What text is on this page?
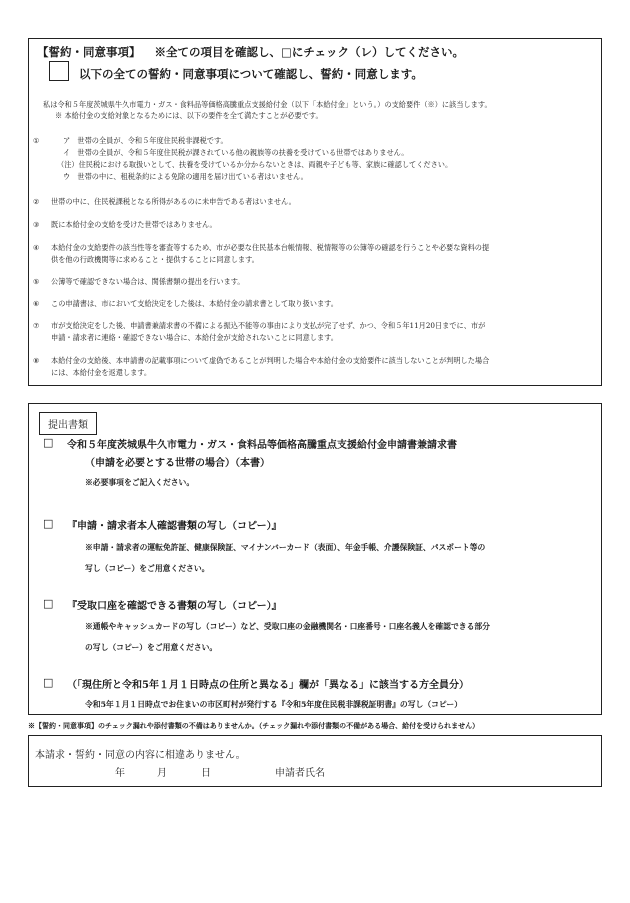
【誓約・同意事項】 ※全ての項目を確認し、□にチェック（レ）してください。
以下の全ての誓約・同意事項について確認し、誓約・同意します。
私は令和５年度茨城県牛久市電力・ガス・食料品等価格高騰重点支援給付金（以下「本給付金」という。）の支給要件（※）に該当します。
※ 本給付金の支給対象となるためには、以下の要件を全て満たすことが必要です。
①	ア　世帯の全員が、令和５年度住民税非課税です。
イ　世帯の全員が、令和５年度住民税が課されている他の親族等の扶養を受けている世帯ではありません。
（注）住民税における取扱いとして、扶養を受けているか分からないときは、両親や子ども等、家族に確認してください。
ウ　世帯の中に、租税条約による免除の適用を届け出ている者はいません。
② 世帯の中に、住民税課税となる所得があるのに未申告である者はいません。
③ 既に本給付金の支給を受けた世帯ではありません。
④ 本給付金の支給要件の該当性等を審査等するため、市が必要な住民基本台帳情報、税情報等の公簿等の確認を行うことや必要な資料の提
供を他の行政機関等に求めること・提供することに同意します。
⑤ 公簿等で確認できない場合は、関係書類の提出を行います。
⑥ この申請書は、市において支給決定をした後は、本給付金の請求書として取り扱います。
⑦ 市が支給決定をした後、申請書兼請求書の不備による振込不能等の事由により支払が完了せず、かつ、令和５年11月20日までに、市が
申請・請求者に連絡・確認できない場合に、本給付金が支給されないことに同意します。
⑧ 本給付金の支給後、本申請書の記載事項について虚偽であることが判明した場合や本給付金の支給要件に該当しないことが判明した場合
には、本給付金を返還します。
提出書類
□ 令和５年度茨城県牛久市電力・ガス・食料品等価格高騰重点支援給付金申請書兼請求書
（申請を必要とする世帯の場合）（本書）
※必要事項をご記入ください。
□ 『申請・請求者本人確認書類の写し（コピー）』
※申請・請求者の運転免許証、健康保険証、マイナンバーカード（表面）、年金手帳、介護保険証、パスポート等の
写し（コピー）をご用意ください。
□ 『受取口座を確認できる書類の写し（コピー）』
※通帳やキャッシュカードの写し（コピー）など、受取口座の金融機関名・口座番号・口座名義人を確認できる部分
の写し（コピー）をご用意ください。
□ （「現住所と令和5年１月１日時点の住所と異なる」欄が「異なる」に該当する方全員分）
令和5年１月１日時点でお住まいの市区町村が発行する『令和5年度住民税非課税証明書』の写し（コピー）
※【誓約・同意事項】のチェック漏れや添付書類の不備はありませんか。（チェック漏れや添付書類の不備がある場合、給付を受けられません）
本請求・誓約・同意の内容に相違ありません。
年	月	日	申請者氏名
